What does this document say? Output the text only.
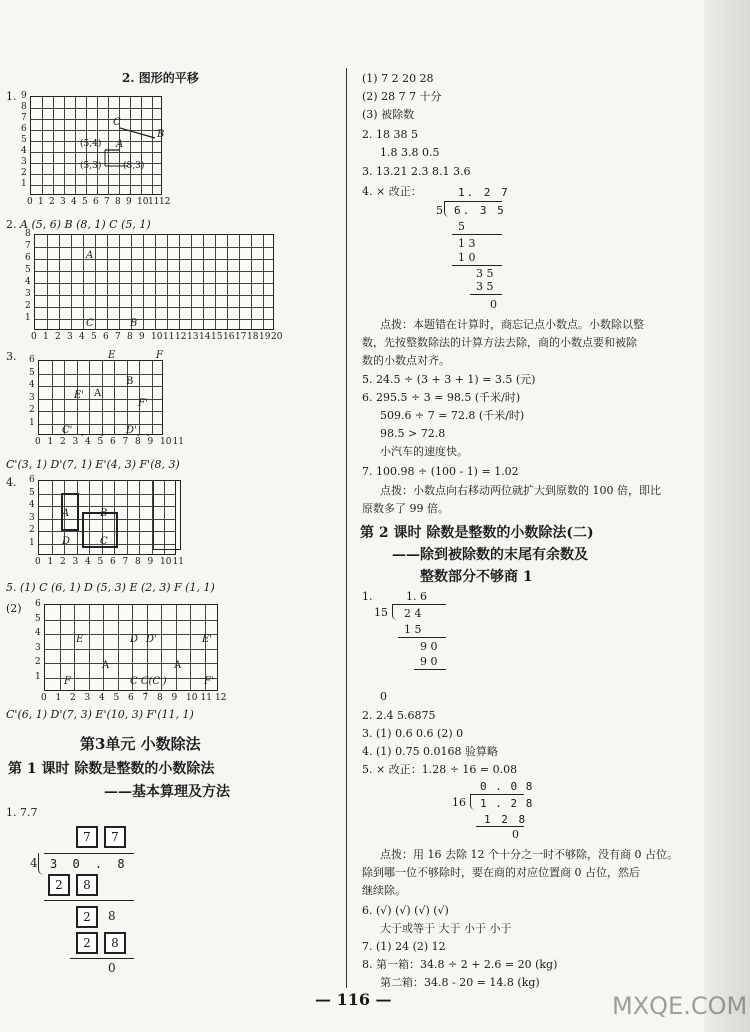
2. 图形的平移
1.
C
B
A
(5,4)
(5,3) (8,3)
2. A (5, 6) B (8, 1) C (5, 1)
A
C	B
3.	E	F
E'
F'
B
A
C'	D'
C'(3, 1) D'(7, 1) E'(4, 3) F'(8, 3)
4.
A	B
D	C
5. (1) C (6, 1) D (5, 3) E (2, 3) F (1, 1)
(2)
E	D D'	E'
F	C C(C')	F'
A	A
C'(6, 1) D'(7, 3) E'(10, 3) F'(11, 1)
第3单元 小数除法
第 1 课时 除数是整数的小数除法
——基本算理及方法
1. 7.7
7	7
4 3 0 . 8
2	8
2	8
2	8
0
(1) 7 2 20 28
(2) 28 7 7 十分
(3) 被除数
2. 18 38 5
1.8 3.8 0.5
3. 13.21 2.3 8.1 3.6
4. × 改正：	1. 2 7
5 6. 3 5
5
1 3
1 0
3 5
3 5
0
点拨：本题错在计算时，商忘记点小数点。小数除以整
数，先按整数除法的计算方法去除，商的小数点要和被除
数的小数点对齐。
5. 24.5 ÷ (3 + 3 + 1) = 3.5 (元)
6. 295.5 ÷ 3 = 98.5 (千米/时)
509.6 ÷ 7 = 72.8 (千米/时)
98.5 > 72.8
小汽车的速度快。
7. 100.98 ÷ (100 - 1) = 1.02
点拨：小数点向右移动两位就扩大到原数的 100 倍，即比
原数多了 99 倍。
第 2 课时 除数是整数的小数除法(二)
——除到被除数的末尾有余数及
整数部分不够商 1
1.	1. 6
15 2 4
1 5
9 0
9 0
0
2. 2.4 5.6875
3. (1) 0.6 0.6 (2) 0
4. (1) 0.75 0.0168 验算略
5. × 改正：1.28 ÷ 16 = 0.08
0 . 0 8
16 1 . 2 8
1 2 8
0
点拨：用 16 去除 12 个十分之一时不够除，没有商 0 占位。
除到哪一位不够除时，要在商的对应位置商 0 占位，然后
继续除。
6. (√) (√) (√) (√)
大于或等于 大于 小于 小于
7. (1) 24 (2) 12
8. 第一箱：34.8 ÷ 2 + 2.6 = 20 (kg)
第二箱：34.8 - 20 = 14.8 (kg)
— 116 —	MXQE.COM
9
8
7
6
5
4
3
2
1
0 1 2 3 4 5 6 7 8 9 10 11 12
8
7
6
5
4
3
2
1
0 1 2 3 4 5 6 7 8 9 10 11 12 13 14 15 16 17 18 19 20
6
5
4
3
2
1
0 1 2 3 4 5 6 7 8 9 10 11
6
5
4
3
2
1
0 1 2 3 4 5 6 7 8 9 10 11
6
5
4
3
2
1
0 1 2 3 4 5 6 7 8 9 10 11 12
